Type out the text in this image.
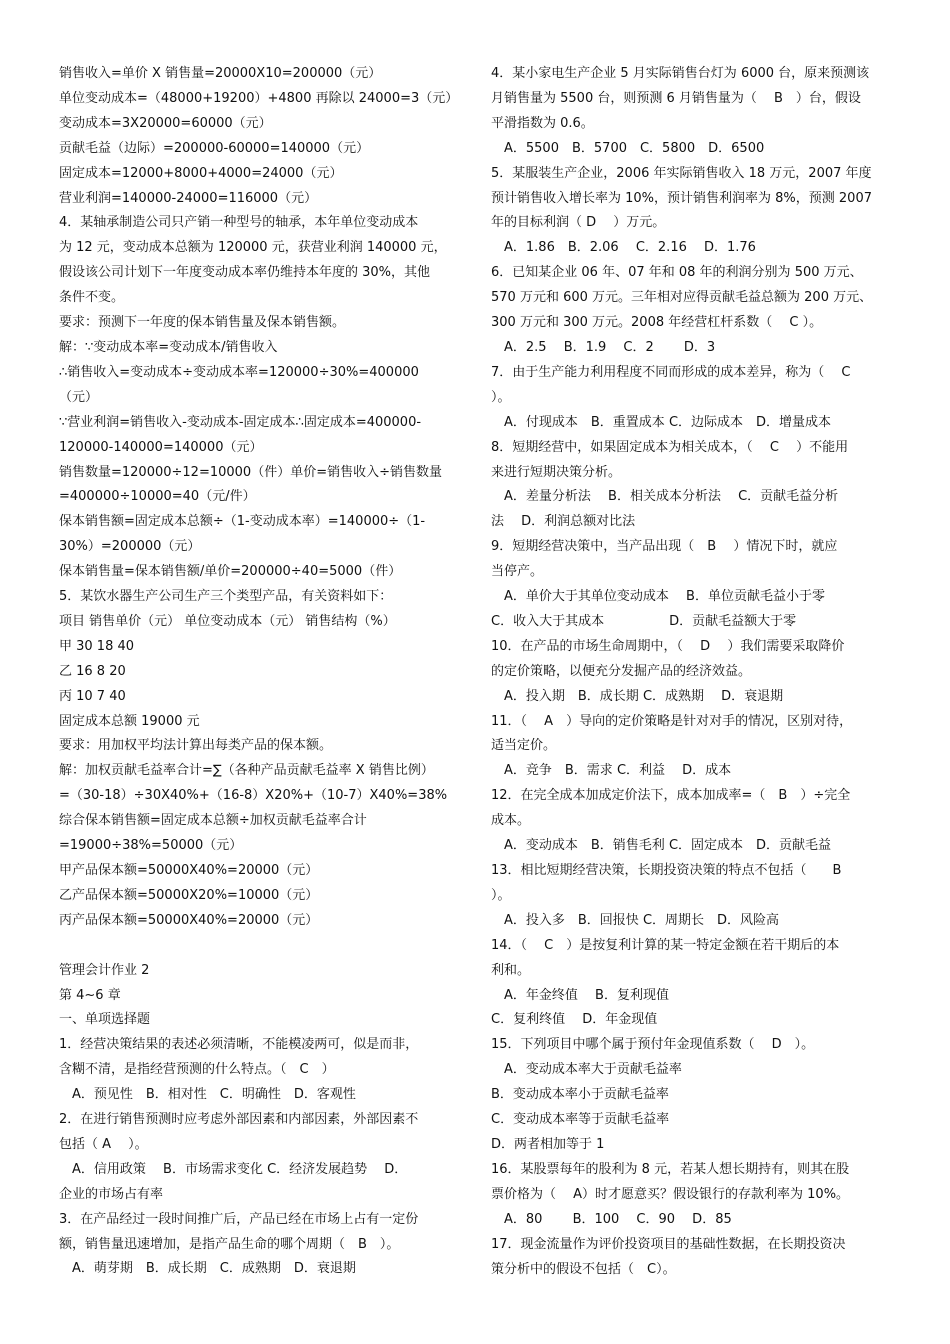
销售收入=单价 X 销售量=20000X10=200000（元）
单位变动成本=（48000+19200）+4800 再除以 24000=3（元）
变动成本=3X20000=60000（元）
贡献毛益（边际）=200000-60000=140000（元）
固定成本=12000+8000+4000=24000（元）
营业利润=140000-24000=116000（元）
4．某轴承制造公司只产销一种型号的轴承，本年单位变动成本
为 12 元，变动成本总额为 120000 元，获营业利润 140000 元，
假设该公司计划下一年度变动成本率仍维持本年度的 30%，其他
条件不变。
要求：预测下一年度的保本销售量及保本销售额。
解：∵变动成本率=变动成本/销售收入
∴销售收入=变动成本÷变动成本率=120000÷30%=400000
（元）
∵营业利润=销售收入-变动成本-固定成本∴固定成本=400000-
120000-140000=140000（元）
销售数量=120000÷12=10000（件）单价=销售收入÷销售数量
=400000÷10000=40（元/件）
保本销售额=固定成本总额÷（1-变动成本率）=140000÷（1-
30%）=200000（元）
保本销售量=保本销售额/单价=200000÷40=5000（件）
5．某饮水器生产公司生产三个类型产品，有关资料如下：
项目 销售单价（元） 单位变动成本（元） 销售结构（%）
甲 30 18 40
乙 16 8 20
丙 10 7 40
固定成本总额 19000 元
要求：用加权平均法计算出每类产品的保本额。
解：加权贡献毛益率合计=∑（各种产品贡献毛益率 X 销售比例）
=（30-18）÷30X40%+（16-8）X20%+（10-7）X40%=38%
综合保本销售额=固定成本总额÷加权贡献毛益率合计
=19000÷38%=50000（元）
甲产品保本额=50000X40%=20000（元）
乙产品保本额=50000X20%=10000（元）
丙产品保本额=50000X40%=20000（元）
管理会计作业 2
第 4~6 章
一、单项选择题
1．经营决策结果的表述必须清晰，不能模凌两可，似是而非，
含糊不清，是指经营预测的什么特点。（　C　）
　A．预见性　B．相对性　C．明确性　D．客观性
2．在进行销售预测时应考虑外部因素和内部因素，外部因素不
包括（ A　 ）。
　A．信用政策　 B．市场需求变化 C．经济发展趋势　 D．
企业的市场占有率
3．在产品经过一段时间推广后，产品已经在市场上占有一定份
额，销售量迅速增加，是指产品生命的哪个周期（　B　）。
　A．萌芽期　B．成长期　C．成熟期　D．衰退期
4．某小家电生产企业 5 月实际销售台灯为 6000 台，原来预测该
月销售量为 5500 台，则预测 6 月销售量为（　 B　）台，假设
平滑指数为 0.6。
　A．5500　B．5700　C．5800　D．6500
5．某服装生产企业，2006 年实际销售收入 18 万元，2007 年度
预计销售收入增长率为 10%，预计销售利润率为 8%，预测 2007
年的目标利润（ D　 ）万元。
　A．1.86　B．2.06　 C．2.16　 D．1.76
6．已知某企业 06 年、07 年和 08 年的利润分别为 500 万元、
570 万元和 600 万元。三年相对应得贡献毛益总额为 200 万元、
300 万元和 300 万元。2008 年经营杠杆系数（　 C ）。
　A．2.5　 B．1.9　 C．2　　 D．3
7．由于生产能力利用程度不同而形成的成本差异，称为（　 C
）。
　A．付现成本　B．重置成本 C．边际成本　D．增量成本
8．短期经营中，如果固定成本为相关成本，（　 C　 ）不能用
来进行短期决策分析。
　A．差量分析法　 B．相关成本分析法　 C．贡献毛益分析
法　 D．利润总额对比法
9．短期经营决策中，当产品出现（　B　 ）情况下时，就应
当停产。
　A．单价大于其单位变动成本　 B．单位贡献毛益小于零
C．收入大于其成本　　　　　D．贡献毛益额大于零
10．在产品的市场生命周期中，（　 D　 ）我们需要采取降价
的定价策略，以便充分发掘产品的经济效益。
　A．投入期　B．成长期 C．成熟期　 D．衰退期
11．（　 A　）导向的定价策略是针对对手的情况，区别对待，
适当定价。
　A．竞争　B．需求 C．利益　 D．成本
12．在完全成本加成定价法下，成本加成率=（　B　）÷完全
成本。
　A．变动成本　B．销售毛利 C．固定成本　D．贡献毛益
13．相比短期经营决策，长期投资决策的特点不包括（　　B
）。
　A．投入多　B．回报快 C．周期长　D．风险高
14．（　 C　）是按复利计算的某一特定金额在若干期后的本
利和。
　A．年金终值　 B．复利现值
C．复利终值　 D．年金现值
15．下列项目中哪个属于预付年金现值系数（　 D　）。
　A．变动成本率大于贡献毛益率
B．变动成本率小于贡献毛益率
C．变动成本率等于贡献毛益率
D．两者相加等于 1
16．某股票每年的股利为 8 元，若某人想长期持有，则其在股
票价格为（　 A）时才愿意买？假设银行的存款利率为 10%。
　A．80　　 B．100　 C．90　 D．85
17．现金流量作为评价投资项目的基础性数据，在长期投资决
策分析中的假设不包括（　C）。
